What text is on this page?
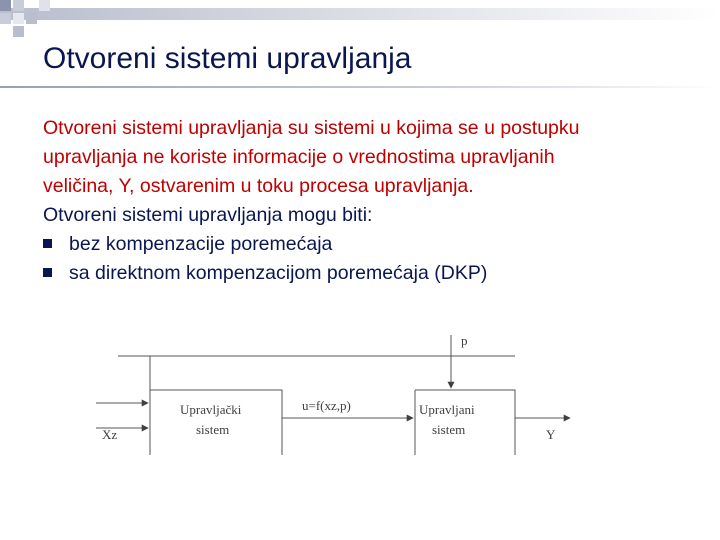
Otvoreni sistemi upravljanja
Otvoreni sistemi upravljanja su sistemi u kojima se u postupku
upravljanja ne koriste informacije o vrednostima upravljanih
veličina, Y, ostvarenim u toku procesa upravljanja.
Otvoreni sistemi upravljanja mogu biti:
bez kompenzacije poremećaja
sa direktnom kompenzacijom poremećaja (DKP)
Upravljački
sistem
Upravljani
sistem
Xz	Y
p
u=f(xz,p)
